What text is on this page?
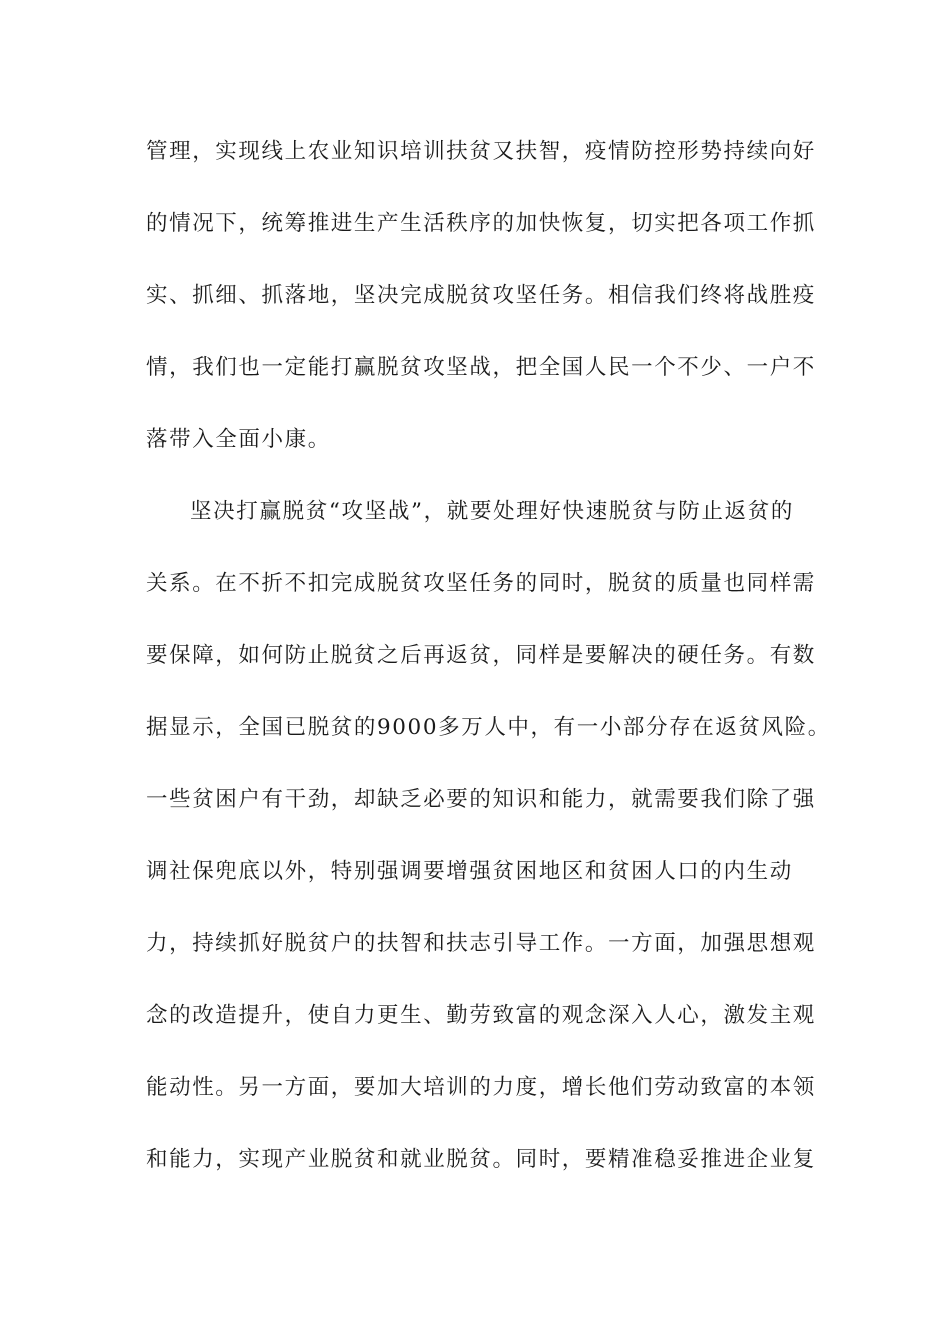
管理，实现线上农业知识培训扶贫又扶智，疫情防控形势持续向好
的情况下，统筹推进生产生活秩序的加快恢复，切实把各项工作抓
实、抓细、抓落地，坚决完成脱贫攻坚任务。相信我们终将战胜疫
情，我们也一定能打赢脱贫攻坚战，把全国人民一个不少、一户不
落带入全面小康。
坚决打赢脱贫“攻坚战”，就要处理好快速脱贫与防止返贫的
关系。在不折不扣完成脱贫攻坚任务的同时，脱贫的质量也同样需
要保障，如何防止脱贫之后再返贫，同样是要解决的硬任务。有数
据显示，全国已脱贫的9000多万人中，有一小部分存在返贫风险。
一些贫困户有干劲，却缺乏必要的知识和能力，就需要我们除了强
调社保兜底以外，特别强调要增强贫困地区和贫困人口的内生动
力，持续抓好脱贫户的扶智和扶志引导工作。一方面，加强思想观
念的改造提升，使自力更生、勤劳致富的观念深入人心，激发主观
能动性。另一方面，要加大培训的力度，增长他们劳动致富的本领
和能力，实现产业脱贫和就业脱贫。同时，要精准稳妥推进企业复
